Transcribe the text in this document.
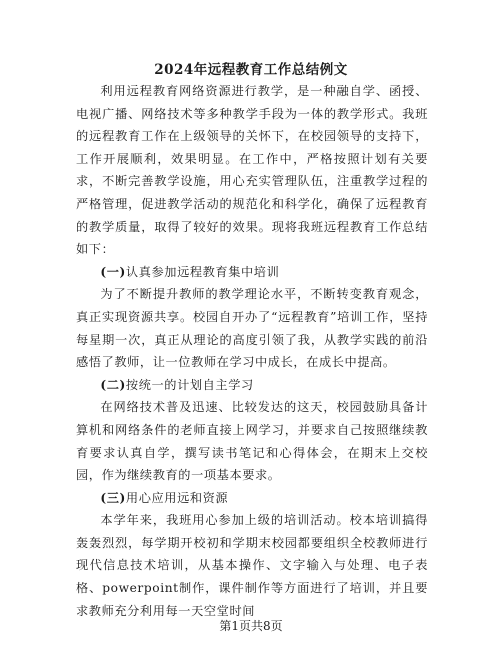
2024年远程教育工作总结例文

利用远程教育网络资源进行教学，是一种融自学、函授、电视广播、网络技术等多种教学手段为一体的教学形式。我班的远程教育工作在上级领导的关怀下，在校园领导的支持下，工作开展顺利，效果明显。在工作中，严格按照计划有关要求，不断完善教学设施，用心充实管理队伍，注重教学过程的严格管理，促进教学活动的规范化和科学化，确保了远程教育的教学质量，取得了较好的效果。现将我班远程教育工作总结如下：

(一)认真参加远程教育集中培训

为了不断提升教师的教学理论水平，不断转变教育观念，真正实现资源共享。校园自开办了“远程教育”培训工作，坚持每星期一次，真正从理论的高度引领了我，从教学实践的前沿感悟了教师，让一位教师在学习中成长，在成长中提高。

(二)按统一的计划自主学习

在网络技术普及迅速、比较发达的这天，校园鼓励具备计算机和网络条件的老师直接上网学习，并要求自己按照继续教育要求认真自学，撰写读书笔记和心得体会，在期末上交校园，作为继续教育的一项基本要求。

(三)用心应用远和资源

本学年来，我班用心参加上级的培训活动。校本培训搞得轰轰烈烈，每学期开校初和学期末校园都要组织全校教师进行现代信息技术培训，从基本操作、文字输入与处理、电子表格、powerpoint制作，课件制作等方面进行了培训，并且要求教师充分利用每一天空堂时间

第1页共8页
